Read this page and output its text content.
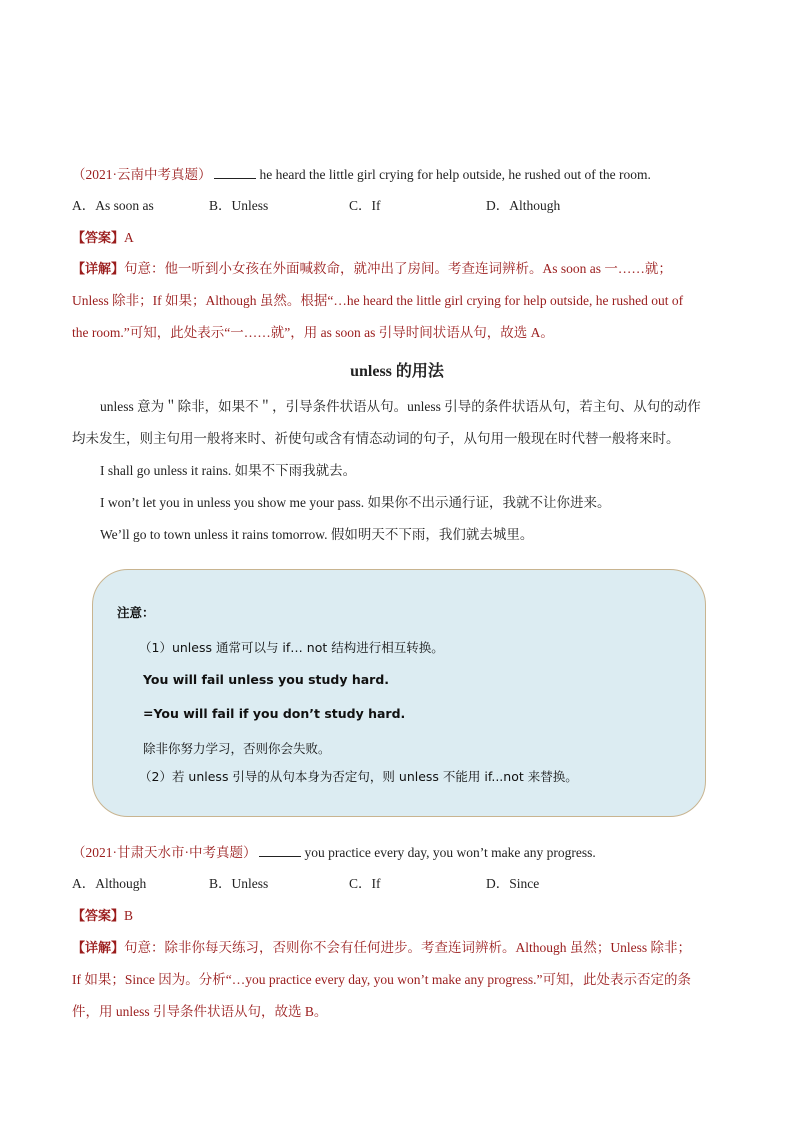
（2021·云南中考真题）	he heard the little girl crying for help outside, he rushed out of the room.
A．As soon as	B．Unless	C．If	D．Although
【答案】A
【详解】句意：他一听到小女孩在外面喊救命，就冲出了房间。考查连词辨析。As soon as 一……就；
Unless 除非；If 如果；Although 虽然。根据“…he heard the little girl crying for help outside, he rushed out of
the room.”可知，此处表示“一……就”，用 as soon as 引导时间状语从句，故选 A。
unless 的用法
unless 意为＂除非，如果不＂，引导条件状语从句。unless 引导的条件状语从句，若主句、从句的动作
均未发生，则主句用一般将来时、祈使句或含有情态动词的句子，从句用一般现在时代替一般将来时。
I shall go unless it rains. 如果不下雨我就去。
I won’t let you in unless you show me your pass. 如果你不出示通行证，我就不让你进来。
We’ll go to town unless it rains tomorrow. 假如明天不下雨，我们就去城里。
注意：
（1）unless 通常可以与 if… not 结构进行相互转换。
You will fail unless you study hard.
=You will fail if you don’t study hard.
除非你努力学习，否则你会失败。
（2）若 unless 引导的从句本身为否定句，则 unless 不能用 if...not 来替换。
（2021·甘肃天水市·中考真题）	you practice every day, you won’t make any progress.
A．Although	B．Unless	C．If	D．Since
【答案】B
【详解】句意：除非你每天练习，否则你不会有任何进步。考查连词辨析。Although 虽然；Unless 除非；
If 如果；Since 因为。分析“…you practice every day, you won’t make any progress.”可知，此处表示否定的条
件，用 unless 引导条件状语从句，故选 B。
